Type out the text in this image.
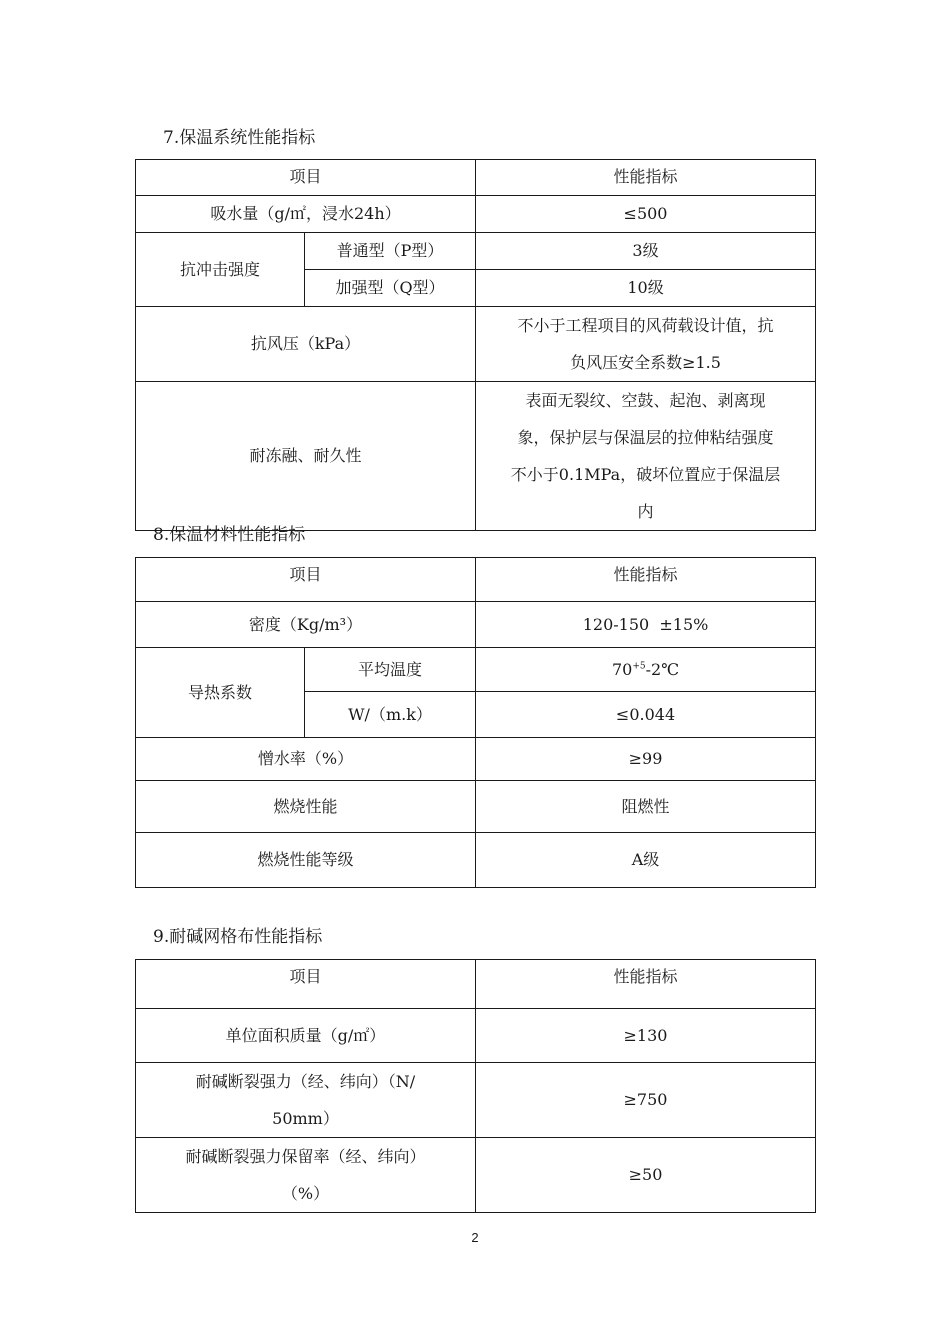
7.保温系统性能指标
项目		性能指标
吸水量（g/㎡，浸水24h）		≤500
抗冲击强度	普通型（P型）	3级
	加强型（Q型）	10级
抗风压（kPa）		不小于工程项目的风荷载设计值，抗
负风压安全系数≥1.5
耐冻融、耐久性		表面无裂纹、空鼓、起泡、剥离现
象，保护层与保温层的拉伸粘结强度
不小于0.1MPa，破坏位置应于保温层
内
8.保温材料性能指标
项目		性能指标
密度（Kg/m³）		120-150  ±15%
导热系数	平均温度	$70^{+5}-2℃$
	W/（m.k）	≤0.044
憎水率（%）		≥99
燃烧性能		阻燃性
燃烧性能等级		A级
9.耐碱网格布性能指标
项目	性能指标
单位面积质量（g/㎡）	≥130
耐碱断裂强力（经、纬向）（N/
50mm）	≥750
耐碱断裂强力保留率（经、纬向）
（%）	≥50
2
